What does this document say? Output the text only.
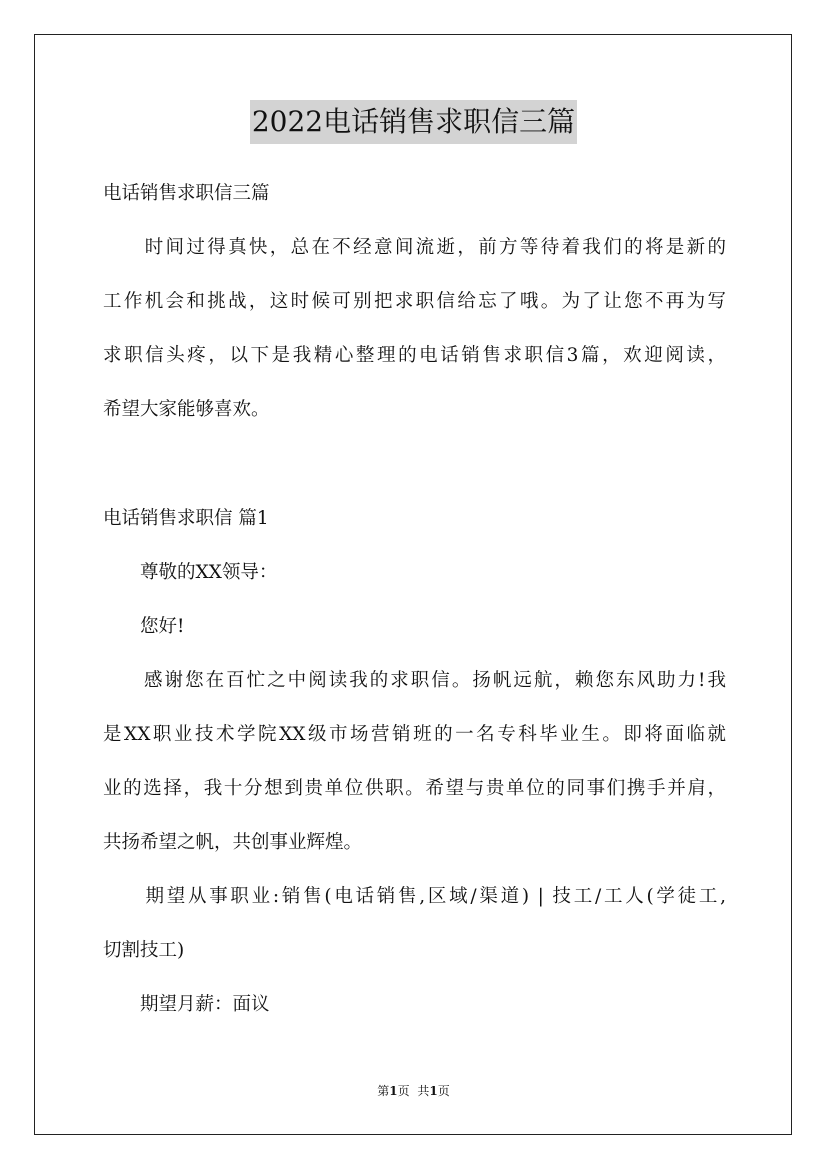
2022电话销售求职信三篇
电话销售求职信三篇
　　时间过得真快，总在不经意间流逝，前方等待着我们的将是新的
工作机会和挑战，这时候可别把求职信给忘了哦。为了让您不再为写
求职信头疼，以下是我精心整理的电话销售求职信3篇，欢迎阅读，
希望大家能够喜欢。
电话销售求职信 篇1
　　尊敬的XX领导：
　　您好!
　　感谢您在百忙之中阅读我的求职信。扬帆远航，赖您东风助力!我
是XX职业技术学院XX级市场营销班的一名专科毕业生。即将面临就
业的选择，我十分想到贵单位供职。希望与贵单位的同事们携手并肩，
共扬希望之帆，共创事业辉煌。
　　期望从事职业:销售(电话销售,区域/渠道) | 技工/工人(学徒工,
切割技工)
　　期望月薪：面议
第1页 共1页
